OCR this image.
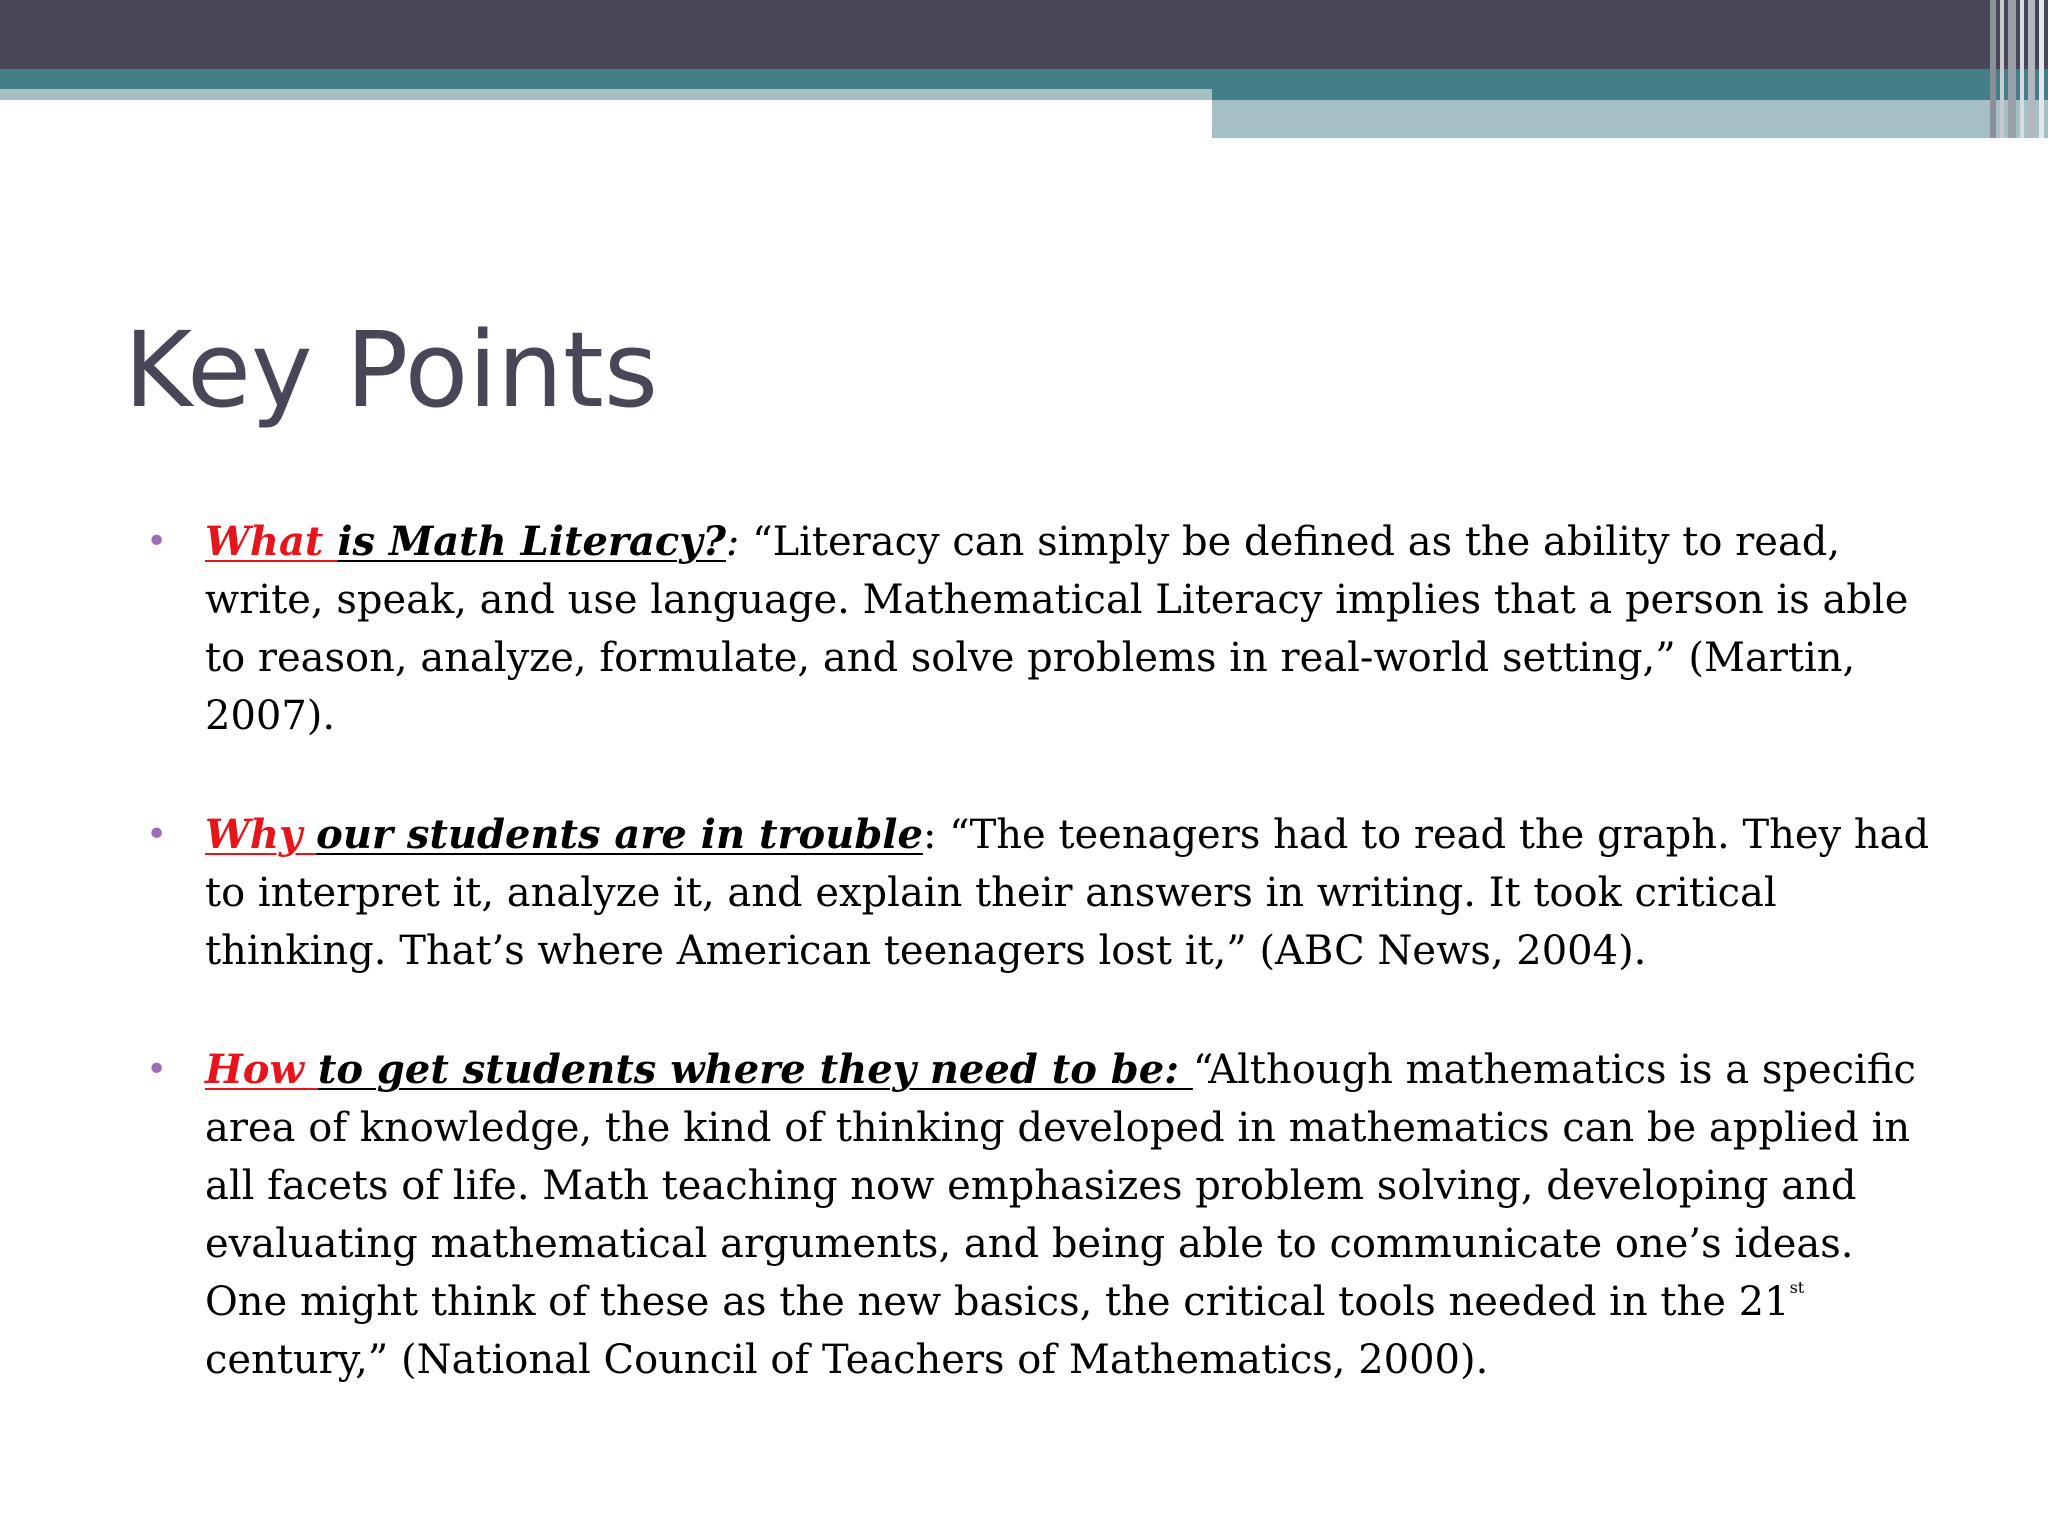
Key Points
• What is Math Literacy?: “Literacy can simply be defined as the ability to read, write, speak, and use language. Mathematical Literacy implies that a person is able to reason, analyze, formulate, and solve problems in real-world setting,” (Martin, 2007).
• Why our students are in trouble: “The teenagers had to read the graph. They had to interpret it, analyze it, and explain their answers in writing. It took critical thinking. That’s where American teenagers lost it,” (ABC News, 2004).
• How to get students where they need to be: “Although mathematics is a specific area of knowledge, the kind of thinking developed in mathematics can be applied in all facets of life. Math teaching now emphasizes problem solving, developing and evaluating mathematical arguments, and being able to communicate one’s ideas. One might think of these as the new basics, the critical tools needed in the 21st century,” (National Council of Teachers of Mathematics, 2000).
